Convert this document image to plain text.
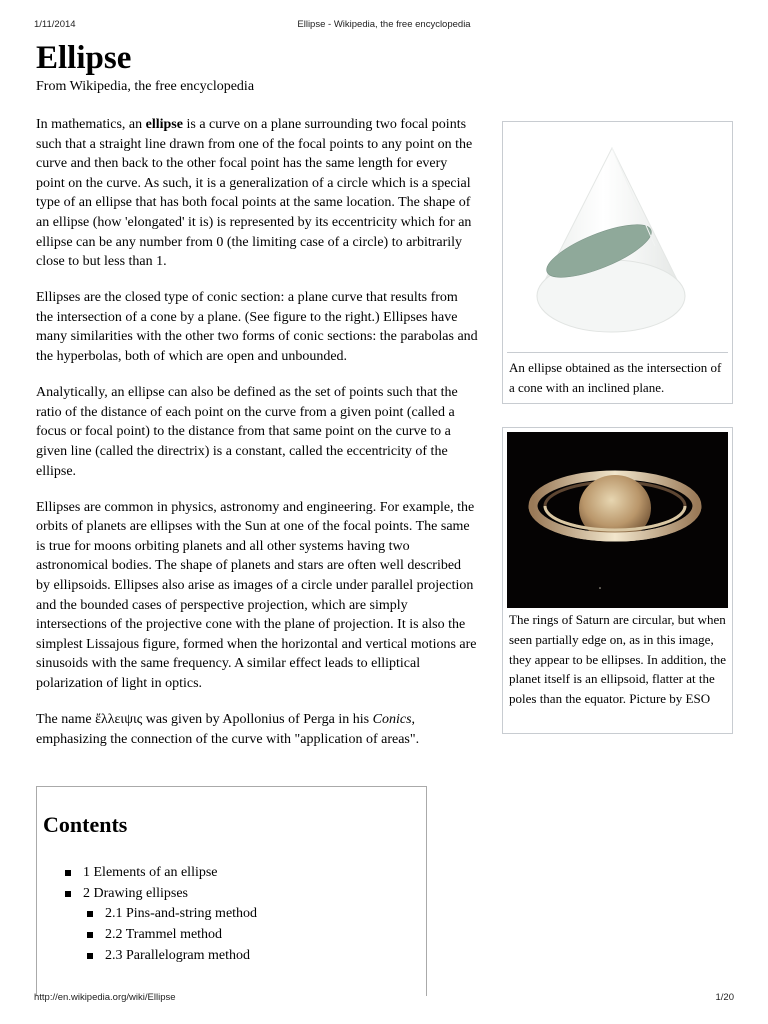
1/11/2014	Ellipse - Wikipedia, the free encyclopedia
Ellipse
From Wikipedia, the free encyclopedia

In mathematics, an ellipse is a curve on a plane surrounding two focal points such that a straight line drawn from one of the focal points to any point on the curve and then back to the other focal point has the same length for every point on the curve. As such, it is a generalization of a circle which is a special type of an ellipse that has both focal points at the same location. The shape of an ellipse (how 'elongated' it is) is represented by its eccentricity which for an ellipse can be any number from 0 (the limiting case of a circle) to arbitrarily close to but less than 1.

Ellipses are the closed type of conic section: a plane curve that results from the intersection of a cone by a plane. (See figure to the right.) Ellipses have many similarities with the other two forms of conic sections: the parabolas and the hyperbolas, both of which are open and unbounded.

Analytically, an ellipse can also be defined as the set of points such that the ratio of the distance of each point on the curve from a given point (called a focus or focal point) to the distance from that same point on the curve to a given line (called the directrix) is a constant, called the eccentricity of the ellipse.

Ellipses are common in physics, astronomy and engineering. For example, the orbits of planets are ellipses with the Sun at one of the focal points. The same is true for moons orbiting planets and all other systems having two astronomical bodies. The shape of planets and stars are often well described by ellipsoids. Ellipses also arise as images of a circle under parallel projection and the bounded cases of perspective projection, which are simply intersections of the projective cone with the plane of projection. It is also the simplest Lissajous figure, formed when the horizontal and vertical motions are sinusoids with the same frequency. A similar effect leads to elliptical polarization of light in optics.

The name ἔλλειψις was given by Apollonius of Perga in his Conics, emphasizing the connection of the curve with "application of areas".

Contents
1 Elements of an ellipse
2 Drawing ellipses
2.1 Pins-and-string method
2.2 Trammel method
2.3 Parallelogram method
An ellipse obtained as the intersection of a cone with an inclined plane.
The rings of Saturn are circular, but when seen partially edge on, as in this image, they appear to be ellipses. In addition, the planet itself is an ellipsoid, flatter at the poles than the equator. Picture by ESO
http://en.wikipedia.org/wiki/Ellipse	1/20
